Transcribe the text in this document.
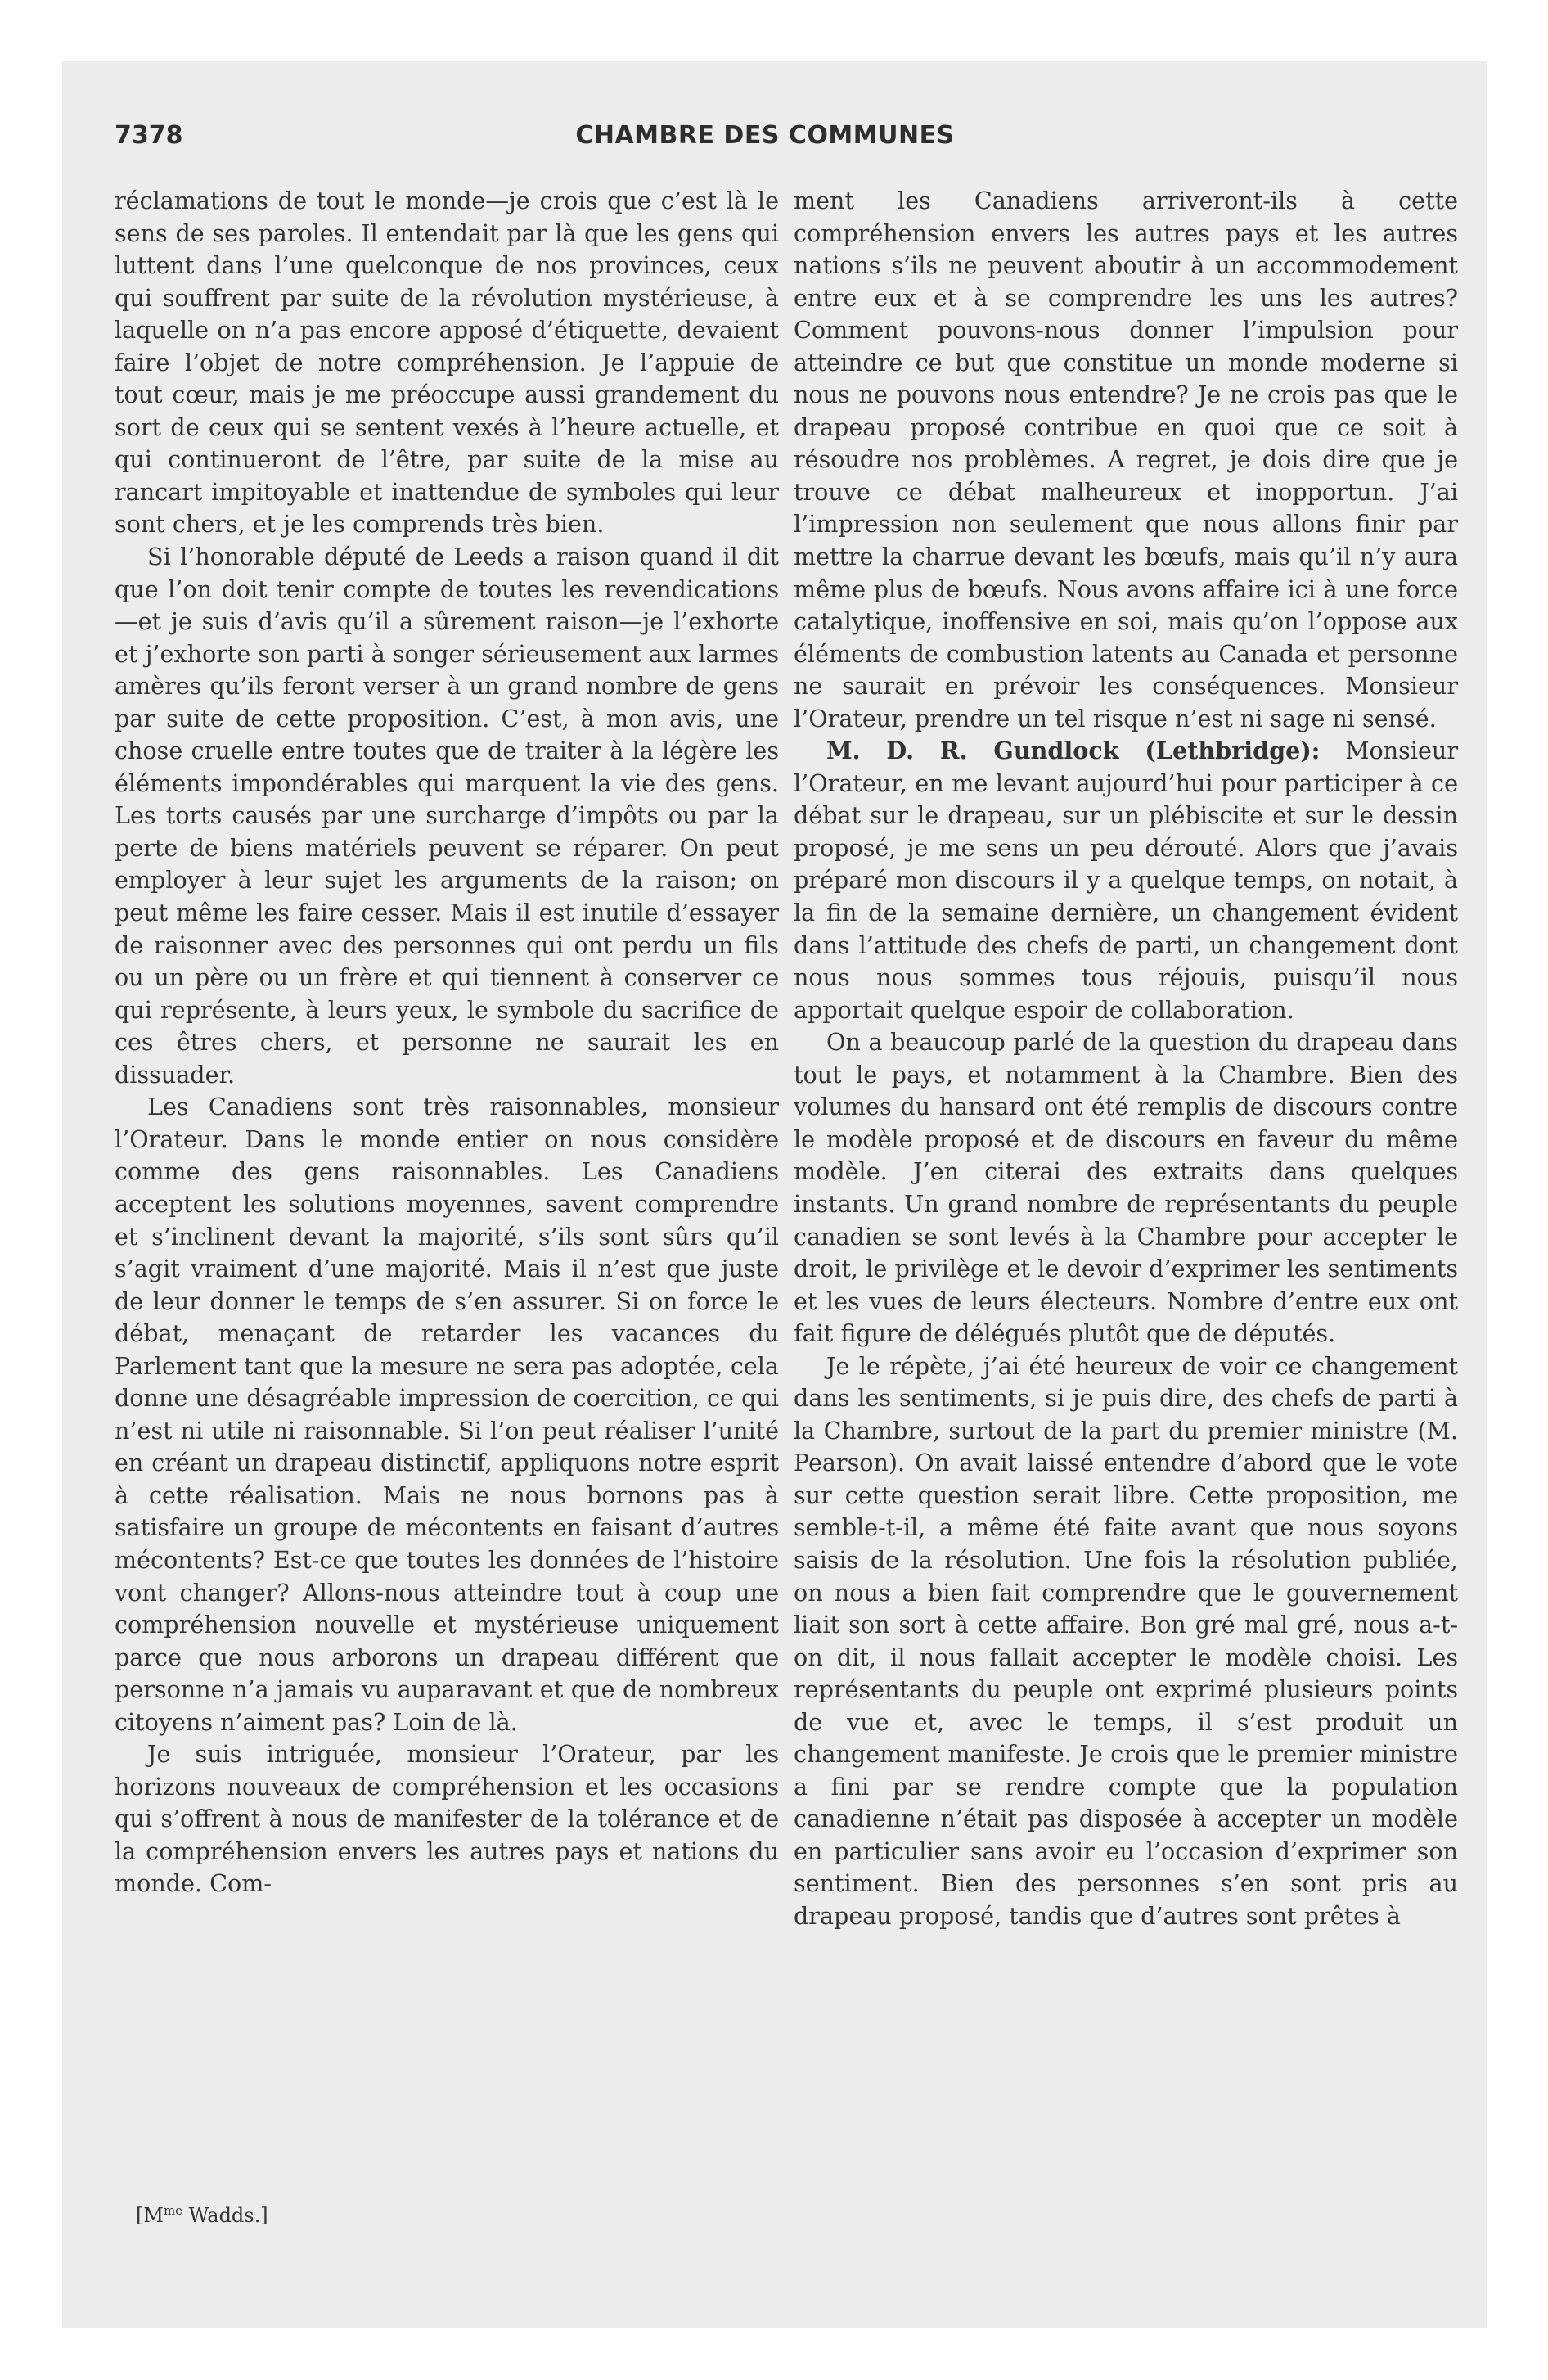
7378	CHAMBRE DES COMMUNES

réclamations de tout le monde—je crois que c’est là le sens de ses paroles. Il entendait par là que les gens qui luttent dans l’une quelconque de nos provinces, ceux qui souffrent par suite de la révolution mystérieuse, à laquelle on n’a pas encore apposé d’étiquette, devaient faire l’objet de notre compréhension. Je l’appuie de tout cœur, mais je me préoccupe aussi grandement du sort de ceux qui se sentent vexés à l’heure actuelle, et qui continueront de l’être, par suite de la mise au rancart impitoyable et inattendue de symboles qui leur sont chers, et je les comprends très bien.

Si l’honorable député de Leeds a raison quand il dit que l’on doit tenir compte de toutes les revendications—et je suis d’avis qu’il a sûrement raison—je l’exhorte et j’exhorte son parti à songer sérieusement aux larmes amères qu’ils feront verser à un grand nombre de gens par suite de cette proposition. C’est, à mon avis, une chose cruelle entre toutes que de traiter à la légère les éléments impondérables qui marquent la vie des gens. Les torts causés par une surcharge d’impôts ou par la perte de biens matériels peuvent se réparer. On peut employer à leur sujet les arguments de la raison; on peut même les faire cesser. Mais il est inutile d’essayer de raisonner avec des personnes qui ont perdu un fils ou un père ou un frère et qui tiennent à conserver ce qui représente, à leurs yeux, le symbole du sacrifice de ces êtres chers, et personne ne saurait les en dissuader.

Les Canadiens sont très raisonnables, monsieur l’Orateur. Dans le monde entier on nous considère comme des gens raisonnables. Les Canadiens acceptent les solutions moyennes, savent comprendre et s’inclinent devant la majorité, s’ils sont sûrs qu’il s’agit vraiment d’une majorité. Mais il n’est que juste de leur donner le temps de s’en assurer. Si on force le débat, menaçant de retarder les vacances du Parlement tant que la mesure ne sera pas adoptée, cela donne une désagréable impression de coercition, ce qui n’est ni utile ni raisonnable. Si l’on peut réaliser l’unité en créant un drapeau distinctif, appliquons notre esprit à cette réalisation. Mais ne nous bornons pas à satisfaire un groupe de mécontents en faisant d’autres mécontents? Est-ce que toutes les données de l’histoire vont changer? Allons-nous atteindre tout à coup une compréhension nouvelle et mystérieuse uniquement parce que nous arborons un drapeau différent que personne n’a jamais vu auparavant et que de nombreux citoyens n’aiment pas? Loin de là.

Je suis intriguée, monsieur l’Orateur, par les horizons nouveaux de compréhension et les occasions qui s’offrent à nous de manifester de la tolérance et de la compréhension envers les autres pays et nations du monde. Com-

ment les Canadiens arriveront-ils à cette compréhension envers les autres pays et les autres nations s’ils ne peuvent aboutir à un accommodement entre eux et à se comprendre les uns les autres? Comment pouvons-nous donner l’impulsion pour atteindre ce but que constitue un monde moderne si nous ne pouvons nous entendre? Je ne crois pas que le drapeau proposé contribue en quoi que ce soit à résoudre nos problèmes. A regret, je dois dire que je trouve ce débat malheureux et inopportun. J’ai l’impression non seulement que nous allons finir par mettre la charrue devant les bœufs, mais qu’il n’y aura même plus de bœufs. Nous avons affaire ici à une force catalytique, inoffensive en soi, mais qu’on l’oppose aux éléments de combustion latents au Canada et personne ne saurait en prévoir les conséquences. Monsieur l’Orateur, prendre un tel risque n’est ni sage ni sensé.

M. D. R. Gundlock (Lethbridge): Monsieur l’Orateur, en me levant aujourd’hui pour participer à ce débat sur le drapeau, sur un plébiscite et sur le dessin proposé, je me sens un peu dérouté. Alors que j’avais préparé mon discours il y a quelque temps, on notait, à la fin de la semaine dernière, un changement évident dans l’attitude des chefs de parti, un changement dont nous nous sommes tous réjouis, puisqu’il nous apportait quelque espoir de collaboration.

On a beaucoup parlé de la question du drapeau dans tout le pays, et notamment à la Chambre. Bien des volumes du hansard ont été remplis de discours contre le modèle proposé et de discours en faveur du même modèle. J’en citerai des extraits dans quelques instants. Un grand nombre de représentants du peuple canadien se sont levés à la Chambre pour accepter le droit, le privilège et le devoir d’exprimer les sentiments et les vues de leurs électeurs. Nombre d’entre eux ont fait figure de délégués plutôt que de députés.

Je le répète, j’ai été heureux de voir ce changement dans les sentiments, si je puis dire, des chefs de parti à la Chambre, surtout de la part du premier ministre (M. Pearson). On avait laissé entendre d’abord que le vote sur cette question serait libre. Cette proposition, me semble-t-il, a même été faite avant que nous soyons saisis de la résolution. Une fois la résolution publiée, on nous a bien fait comprendre que le gouvernement liait son sort à cette affaire. Bon gré mal gré, nous a-t-on dit, il nous fallait accepter le modèle choisi. Les représentants du peuple ont exprimé plusieurs points de vue et, avec le temps, il s’est produit un changement manifeste. Je crois que le premier ministre a fini par se rendre compte que la population canadienne n’était pas disposée à accepter un modèle en particulier sans avoir eu l’occasion d’exprimer son sentiment. Bien des personnes s’en sont pris au drapeau proposé, tandis que d’autres sont prêtes à

[$M^{me}$ Wadds.]
